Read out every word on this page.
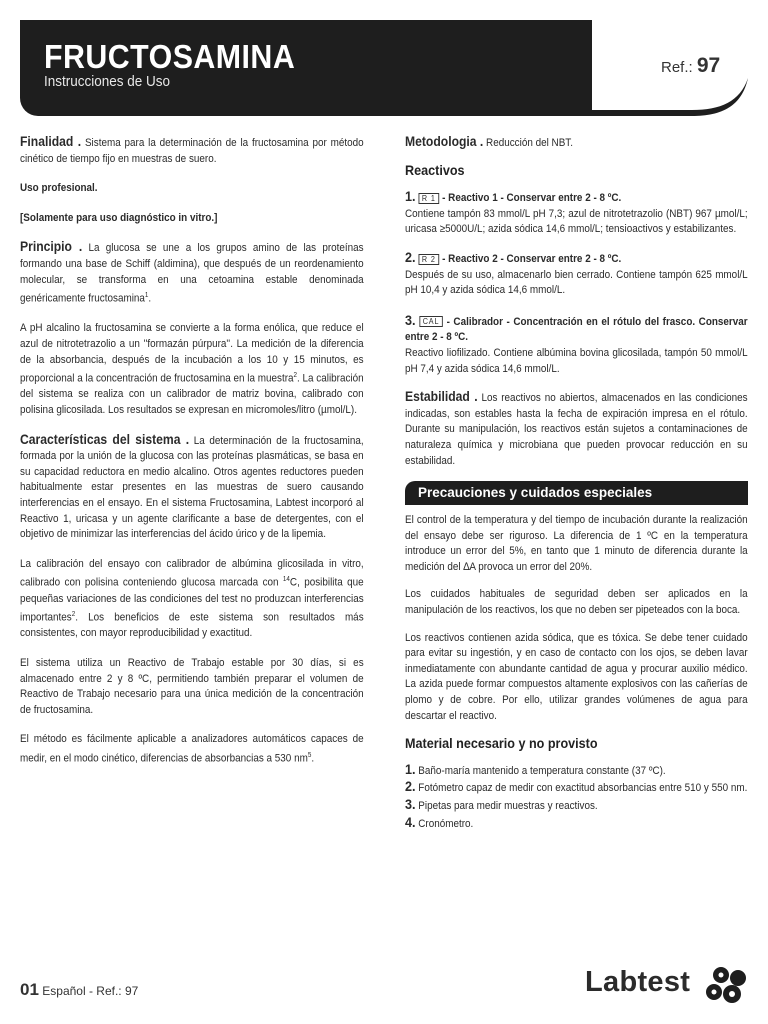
FRUCTOSAMINA
Instrucciones de Uso
Ref.: 97

Finalidad . Sistema para la determinación de la fructosamina por método cinético de tiempo fijo en muestras de suero.

Uso profesional.

[Solamente para uso diagnóstico in vitro.]

Principio . La glucosa se une a los grupos amino de las proteínas formando una base de Schiff (aldimina), que después de un reordenamiento molecular, se transforma en una cetoamina estable denominada genéricamente fructosamina$^1$.

A pH alcalino la fructosamina se convierte a la forma enólica, que reduce el azul de nitrotetrazolio a un ''formazán púrpura''. La medición de la diferencia de la absorbancia, después de la incubación a los 10 y 15 minutos, es proporcional a la concentración de fructosamina en la muestra$^2$. La calibración del sistema se realiza con un calibrador de matriz bovina, calibrado con polisina glicosilada. Los resultados se expresan en micromoles/litro (µmol/L).

Características del sistema . La determinación de la fructosamina, formada por la unión de la glucosa con las proteínas plasmáticas, se basa en su capacidad reductora en medio alcalino. Otros agentes reductores pueden habitualmente estar presentes en las muestras de suero causando interferencias en el ensayo. En el sistema Fructosamina, Labtest incorporó al Reactivo 1, uricasa y un agente clarificante a base de detergentes, con el objetivo de minimizar las interferencias del ácido úrico y de la lipemia.

La calibración del ensayo con calibrador de albúmina glicosilada in vitro, calibrado con polisina conteniendo glucosa marcada con $^{14}$C, posibilita que pequeñas variaciones de las condiciones del test no produzcan interferencias importantes$^2$. Los beneficios de este sistema son resultados más consistentes, con mayor reproducibilidad y exactitud.

El sistema utiliza un Reactivo de Trabajo estable por 30 días, si es almacenado entre 2 y 8 ºC, permitiendo también preparar el volumen de Reactivo de Trabajo necesario para una única medición de la concentración de fructosamina.

El método es fácilmente aplicable a analizadores automáticos capaces de medir, en el modo cinético, diferencias de absorbancias a 530 $nm^5$.

Metodologia . Reducción del NBT.

Reactivos

1. R 1 - Reactivo 1 - Conservar entre 2 - 8 ºC.

Contiene tampón 83 mmol/L pH 7,3; azul de nitrotetrazolio (NBT) 967 µmol/L; uricasa ≥5000U/L; azida sódica 14,6 mmol/L; tensioactivos y estabilizantes.

2. R 2 - Reactivo 2 - Conservar entre 2 - 8 ºC.

Después de su uso, almacenarlo bien cerrado. Contiene tampón 625 mmol/L pH 10,4 y azida sódica 14,6 mmol/L.

3. CAL - Calibrador - Concentración en el rótulo del frasco. Conservar entre 2 - 8 ºC.

Reactivo liofilizado. Contiene albúmina bovina glicosilada, tampón 50 mmol/L pH 7,4 y azida sódica 14,6 mmol/L.

Estabilidad . Los reactivos no abiertos, almacenados en las condiciones indicadas, son estables hasta la fecha de expiración impresa en el rótulo. Durante su manipulación, los reactivos están sujetos a contaminaciones de naturaleza química y microbiana que pueden provocar reducción en su estabilidad.

Precauciones y cuidados especiales

El control de la temperatura y del tiempo de incubación durante la realización del ensayo debe ser riguroso. La diferencia de 1 ºC en la temperatura introduce un error del 5%, en tanto que 1 minuto de diferencia durante la medición del ∆A provoca un error del 20%.

Los cuidados habituales de seguridad deben ser aplicados en la manipulación de los reactivos, los que no deben ser pipeteados con la boca.

Los reactivos contienen azida sódica, que es tóxica. Se debe tener cuidado para evitar su ingestión, y en caso de contacto con los ojos, se deben lavar inmediatamente con abundante cantidad de agua y procurar auxilio médico. La azida puede formar compuestos altamente explosivos con las cañerías de plomo y de cobre. Por ello, utilizar grandes volúmenes de agua para descartar el reactivo.

Material necesario y no provisto

1. Baño-maría mantenido a temperatura constante (37 ºC).

2. Fotómetro capaz de medir con exactitud absorbancias entre 510 y 550 nm.

3. Pipetas para medir muestras y reactivos.

4. Cronómetro.

01 Español - Ref.: 97	Labtest
